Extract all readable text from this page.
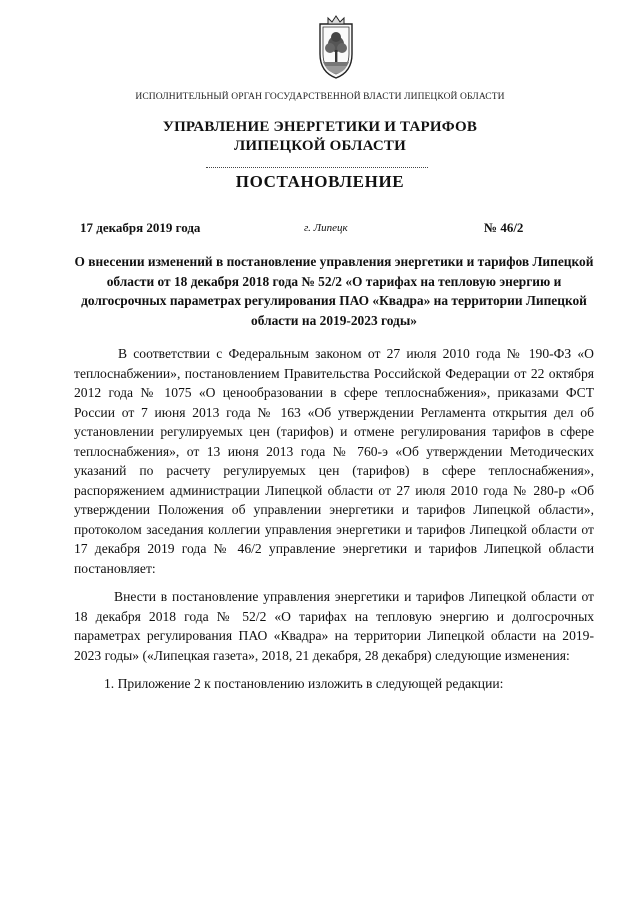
ИСПОЛНИТЕЛЬНЫЙ ОРГАН ГОСУДАРСТВЕННОЙ ВЛАСТИ ЛИПЕЦКОЙ ОБЛАСТИ
УПРАВЛЕНИЕ ЭНЕРГЕТИКИ И ТАРИФОВ
ЛИПЕЦКОЙ ОБЛАСТИ
ПОСТАНОВЛЕНИЕ
17 декабря 2019 года	г. Липецк	№ 46/2
О внесении изменений в постановление управления энергетики и тарифов Липецкой области от 18 декабря 2018 года № 52/2 «О тарифах на тепловую энергию и долгосрочных параметрах регулирования ПАО «Квадра» на территории Липецкой области на 2019-2023 годы»

В соответствии с Федеральным законом от 27 июля 2010 года № 190-ФЗ «О теплоснабжении», постановлением Правительства Российской Федерации от 22 октября 2012 года № 1075 «О ценообразовании в сфере теплоснабжения», приказами ФСТ России от 7 июня 2013 года № 163 «Об утверждении Регламента открытия дел об установлении регулируемых цен (тарифов) и отмене регулирования тарифов в сфере теплоснабжения», от 13 июня 2013 года № 760-э «Об утверждении Методических указаний по расчету регулируемых цен (тарифов) в сфере теплоснабжения», распоряжением администрации Липецкой области от 27 июля 2010 года № 280-р «Об утверждении Положения об управлении энергетики и тарифов Липецкой области», протоколом заседания коллегии управления энергетики и тарифов Липецкой области от 17 декабря 2019 года № 46/2 управление энергетики и тарифов Липецкой области постановляет:

Внести в постановление управления энергетики и тарифов Липецкой области от 18 декабря 2018 года № 52/2 «О тарифах на тепловую энергию и долгосрочных параметрах регулирования ПАО «Квадра» на территории Липецкой области на 2019-2023 годы» («Липецкая газета», 2018, 21 декабря, 28 декабря) следующие изменения:

1. Приложение 2 к постановлению изложить в следующей редакции:
